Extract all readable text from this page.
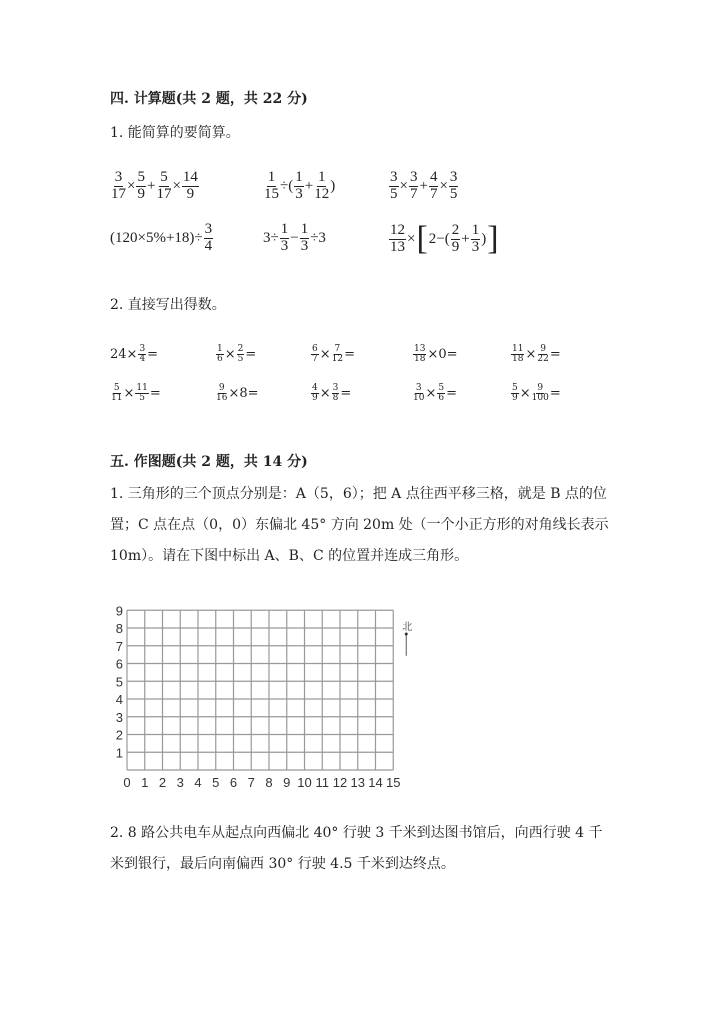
四. 计算题(共 2 题，共 22 分)
1. 能简算的要简算。
2. 直接写出得数。
五. 作图题(共 2 题，共 14 分)
1. 三角形的三个顶点分别是：A（5，6）；把 A 点往西平移三格，就是 B 点的位
置；C 点在点（0，0）东偏北 45° 方向 20m 处（一个小正方形的对角线长表示
10m）。请在下图中标出 A、B、C 的位置并连成三角形。
0 1 2 3 4 5 6 7 8 9 10 11 12 13 14 15
1
2
3
4
5
6
7
8
9
北
2. 8 路公共电车从起点向西偏北 40° 行驶 3 千米到达图书馆后，向西行驶 4 千
米到银行，最后向南偏西 30° 行驶 4.5 千米到达终点。
$\frac{3}{17} \times \frac{5}{9} + \frac{5}{17} \times \frac{14}{9}$	$\frac{1}{15}$ ÷( $\frac{1}{3} + \frac{1}{12}$ )	$\frac{3}{5} \times \frac{3}{7} + \frac{4}{7} \times \frac{3}{5}$
$(120\times 5\%+18)\div \frac{3}{4}$	$3\div \frac{1}{3} - \frac{1}{3} \div 3$	$\frac{12}{13}$ × [ $2-( \frac{2}{9} + \frac{1}{3}$ ) ]
$24\times \frac{3}{4}$ =	$\frac{1}{6} \times \frac{2}{5}$ =	$\frac{6}{7} \times \frac{7}{12}$ =	$\frac{13}{18} \times 0=$	$\frac{11}{18} \times \frac{9}{22}$ =
$\frac{5}{11} \times \frac{11}{5}$ =	$\frac{9}{16} \times 8=$	$\frac{4}{9} \times \frac{3}{8}$ =	$\frac{3}{10} \times \frac{5}{6}$ =	$\frac{5}{9} \times \frac{9}{100}$ =
